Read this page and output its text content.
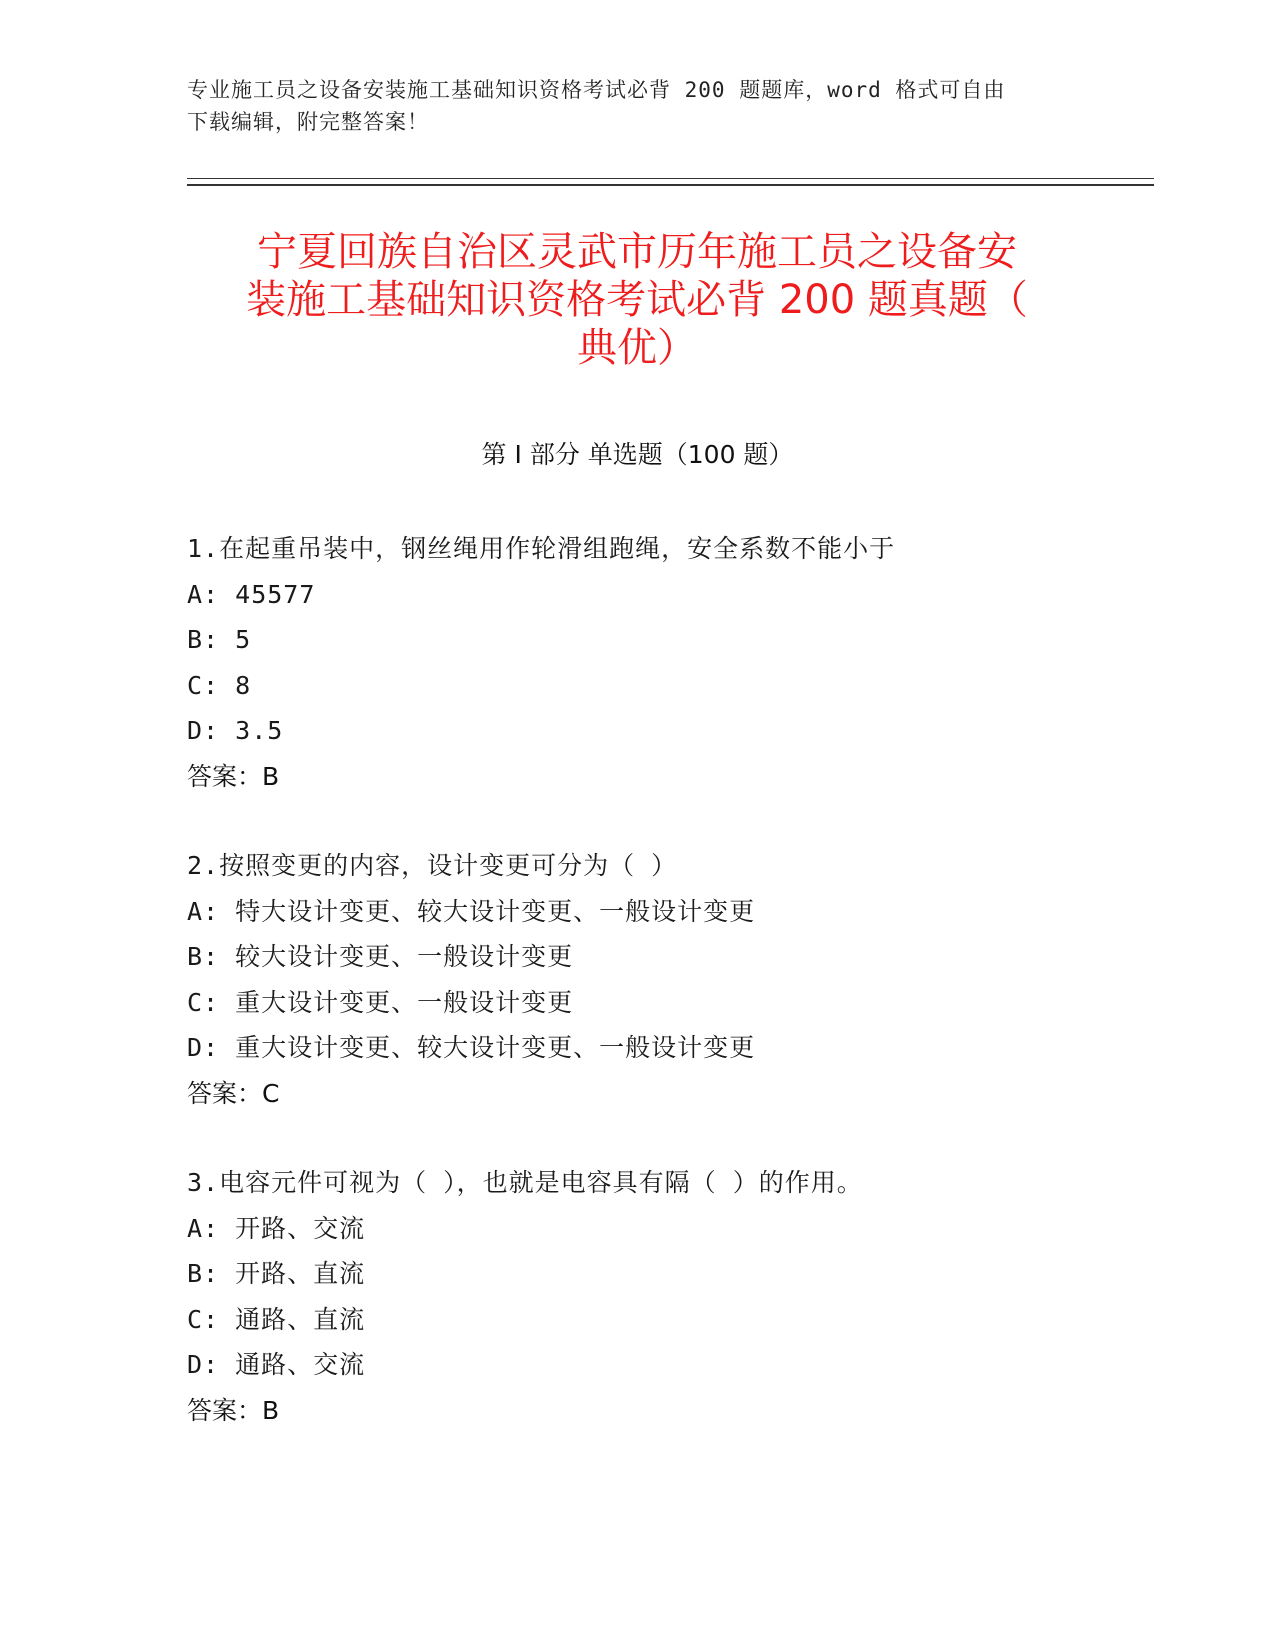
专业施工员之设备安装施工基础知识资格考试必背 200 题题库，word 格式可自由
下载编辑，附完整答案！
宁夏回族自治区灵武市历年施工员之设备安
装施工基础知识资格考试必背 200 题真题（
典优）
第 I 部分 单选题（100 题）
1.在起重吊装中，钢丝绳用作轮滑组跑绳，安全系数不能小于
A: 45577
B: 5
C: 8
D: 3.5
答案：B
2.按照变更的内容，设计变更可分为（ ）
A: 特大设计变更、较大设计变更、一般设计变更
B: 较大设计变更、一般设计变更
C: 重大设计变更、一般设计变更
D: 重大设计变更、较大设计变更、一般设计变更
答案：C
3.电容元件可视为（ ），也就是电容具有隔（ ）的作用。
A: 开路、交流
B: 开路、直流
C: 通路、直流
D: 通路、交流
答案：B
